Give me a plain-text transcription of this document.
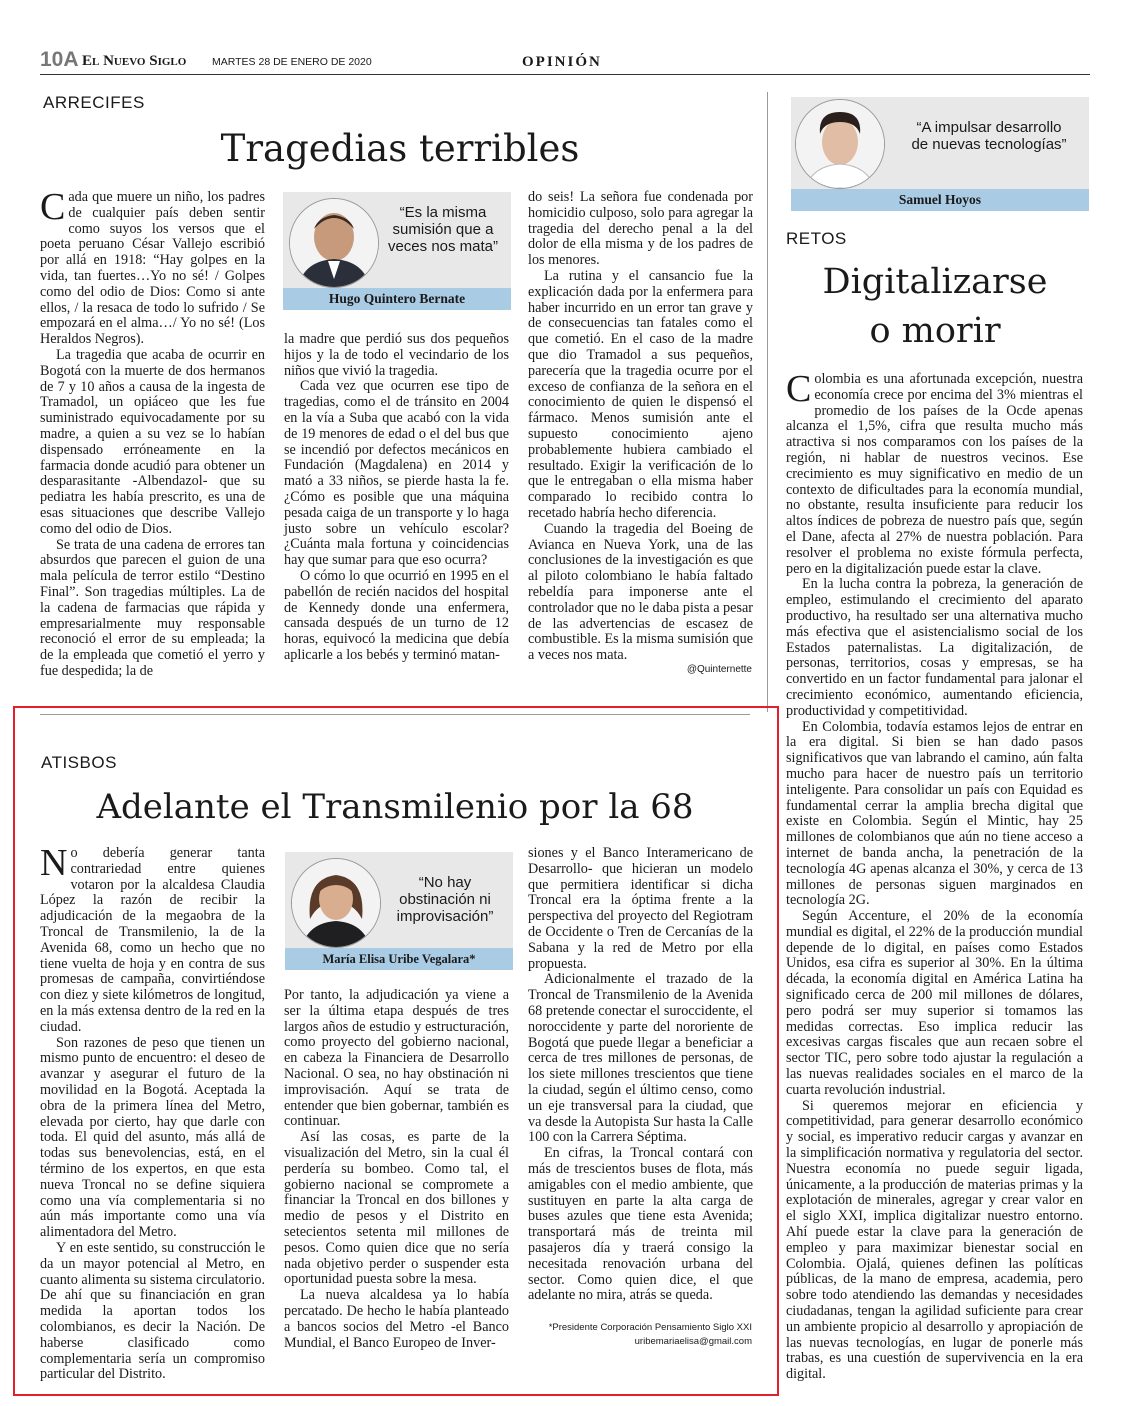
10A El Nuevo Siglo MARTES 28 DE ENERO DE 2020	OPINIÓN
ARRECIFES
Tragedias terribles

Cada que muere un niño, los padres de cualquier país deben sentir como suyos los versos que el poeta peruano César Vallejo escribió por allá en 1918: “Hay golpes en la vida, tan fuertes…Yo no sé! / Golpes como del odio de Dios: Como si ante ellos, / la resaca de todo lo sufrido / Se empozará en el alma…/ Yo no sé! (Los Heraldos Negros).

La tragedia que acaba de ocurrir en Bogotá con la muerte de dos hermanos de 7 y 10 años a causa de la ingesta de Tramadol, un opiáceo que les fue suministrado equivocadamente por su madre, a quien a su vez se lo habían dispensado erróneamente en la farmacia donde acudió para obtener un desparasitante -Albendazol- que su pediatra les había prescrito, es una de esas situaciones que describe Vallejo como del odio de Dios.

Se trata de una cadena de errores tan absurdos que parecen el guion de una mala película de terror estilo “Destino Final”. Son tragedias múltiples. La de la cadena de farmacias que rápida y empresarialmente muy responsable reconoció el error de su empleada; la de la empleada que cometió el yerro y fue despedida; la de

“Es la misma sumisión que a veces nos mata”
Hugo Quintero Bernate

la madre que perdió sus dos pequeños hijos y la de todo el vecindario de los niños que vivió la tragedia.

Cada vez que ocurren ese tipo de tragedias, como el de tránsito en 2004 en la vía a Suba que acabó con la vida de 19 menores de edad o el del bus que se incendió por defectos mecánicos en Fundación (Magdalena) en 2014 y mató a 33 niños, se pierde hasta la fe. ¿Cómo es posible que una máquina pesada caiga de un transporte y lo haga justo sobre un vehículo escolar? ¿Cuánta mala fortuna y coincidencias hay que sumar para que eso ocurra?

O cómo lo que ocurrió en 1995 en el pabellón de recién nacidos del hospital de Kennedy donde una enfermera, cansada después de un turno de 12 horas, equivocó la medicina que debía aplicarle a los bebés y terminó matan-

do seis! La señora fue condenada por homicidio culposo, solo para agregar la tragedia del derecho penal a la del dolor de ella misma y de los padres de los menores.

La rutina y el cansancio fue la explicación dada por la enfermera para haber incurrido en un error tan grave y de consecuencias tan fatales como el que cometió. En el caso de la madre que dio Tramadol a sus pequeños, parecería que la tragedia ocurre por el exceso de confianza de la señora en el conocimiento de quien le dispensó el fármaco. Menos sumisión ante el supuesto conocimiento ajeno probablemente hubiera cambiado el resultado. Exigir la verificación de lo que le entregaban o ella misma haber comparado lo recibido contra lo recetado habría hecho diferencia.

Cuando la tragedia del Boeing de Avianca en Nueva York, una de las conclusiones de la investigación es que al piloto colombiano le había faltado rebeldía para imponerse ante el controlador que no le daba pista a pesar de las advertencias de escasez de combustible. Es la misma sumisión que a veces nos mata.

@Quinternette
ATISBOS
Adelante el Transmilenio por la 68

No debería generar tanta contrariedad entre quienes votaron por la alcaldesa Claudia López la razón de recibir la adjudicación de la megaobra de la Troncal de Transmilenio, la de la Avenida 68, como un hecho que no tiene vuelta de hoja y en contra de sus promesas de campaña, convirtiéndose con diez y siete kilómetros de longitud, en la más extensa dentro de la red en la ciudad.

Son razones de peso que tienen un mismo punto de encuentro: el deseo de avanzar y asegurar el futuro de la movilidad en la Bogotá. Aceptada la obra de la primera línea del Metro, elevada por cierto, hay que darle con toda. El quid del asunto, más allá de todas sus benevolencias, está, en el término de los expertos, en que esta nueva Troncal no se define siquiera como una vía complementaria si no aún más importante como una vía alimentadora del Metro.

Y en este sentido, su construcción le da un mayor potencial al Metro, en cuanto alimenta su sistema circulatorio. De ahí que su financiación en gran medida la aportan todos los colombianos, es decir la Nación. De haberse clasificado como complementaria sería un compromiso particular del Distrito.

“No hay obstinación ni improvisación”
María Elisa Uribe Vegalara*

Por tanto, la adjudicación ya viene a ser la última etapa después de tres largos años de estudio y estructuración, como proyecto del gobierno nacional, en cabeza la Financiera de Desarrollo Nacional. O sea, no hay obstinación ni improvisación. Aquí se trata de entender que bien gobernar, también es continuar.

Así las cosas, es parte de la visualización del Metro, sin la cual él perdería su bombeo. Como tal, el gobierno nacional se compromete a financiar la Troncal en dos billones y medio de pesos y el Distrito en setecientos setenta mil millones de pesos. Como quien dice que no sería nada objetivo perder o suspender esta oportunidad puesta sobre la mesa.

La nueva alcaldesa ya lo había percatado. De hecho le había planteado a bancos socios del Metro -el Banco Mundial, el Banco Europeo de Inver-

siones y el Banco Interamericano de Desarrollo- que hicieran un modelo que permitiera identificar si dicha Troncal era la óptima frente a la perspectiva del proyecto del Regiotram de Occidente o Tren de Cercanías de la Sabana y la red de Metro por ella propuesta.

Adicionalmente el trazado de la Troncal de Transmilenio de la Avenida 68 pretende conectar el suroccidente, el noroccidente y parte del nororiente de Bogotá que puede llegar a beneficiar a cerca de tres millones de personas, de los siete millones trescientos que tiene la ciudad, según el último censo, como un eje transversal para la ciudad, que va desde la Autopista Sur hasta la Calle 100 con la Carrera Séptima.

En cifras, la Troncal contará con más de trescientos buses de flota, más amigables con el medio ambiente, que sustituyen en parte la alta carga de buses azules que tiene esta Avenida; transportará más de treinta mil pasajeros día y traerá consigo la necesitada renovación urbana del sector. Como quien dice, el que adelante no mira, atrás se queda.

*Presidente Corporación Pensamiento Siglo XXI
uribemariaelisa@gmail.com
“A impulsar desarrollo de nuevas tecnologías”
Samuel Hoyos
RETOS
Digitalizarse
o morir

Colombia es una afortunada excepción, nuestra economía crece por encima del 3% mientras el promedio de los países de la Ocde apenas alcanza el 1,5%, cifra que resulta mucho más atractiva si nos comparamos con los países de la región, ni hablar de nuestros vecinos. Ese crecimiento es muy significativo en medio de un contexto de dificultades para la economía mundial, no obstante, resulta insuficiente para reducir los altos índices de pobreza de nuestro país que, según el Dane, afecta al 27% de nuestra población. Para resolver el problema no existe fórmula perfecta, pero en la digitalización puede estar la clave.

En la lucha contra la pobreza, la generación de empleo, estimulando el crecimiento del aparato productivo, ha resultado ser una alternativa mucho más efectiva que el asistencialismo social de los Estados paternalistas. La digitalización, de personas, territorios, cosas y empresas, se ha convertido en un factor fundamental para jalonar el crecimiento económico, aumentando eficiencia, productividad y competitividad.

En Colombia, todavía estamos lejos de entrar en la era digital. Si bien se han dado pasos significativos que van labrando el camino, aún falta mucho para hacer de nuestro país un territorio inteligente. Para consolidar un país con Equidad es fundamental cerrar la amplia brecha digital que existe en Colombia. Según el Mintic, hay 25 millones de colombianos que aún no tiene acceso a internet de banda ancha, la penetración de la tecnología 4G apenas alcanza el 30%, y cerca de 13 millones de personas siguen marginados en tecnología 2G.

Según Accenture, el 20% de la economía mundial es digital, el 22% de la producción mundial depende de lo digital, en países como Estados Unidos, esa cifra es superior al 30%. En la última década, la economía digital en América Latina ha significado cerca de 200 mil millones de dólares, pero podrá ser muy superior si tomamos las medidas correctas. Eso implica reducir las excesivas cargas fiscales que aun recaen sobre el sector TIC, pero sobre todo ajustar la regulación a las nuevas realidades sociales en el marco de la cuarta revolución industrial.

Si queremos mejorar en eficiencia y competitividad, para generar desarrollo económico y social, es imperativo reducir cargas y avanzar en la simplificación normativa y regulatoria del sector. Nuestra economía no puede seguir ligada, únicamente, a la producción de materias primas y la explotación de minerales, agregar y crear valor en el siglo XXI, implica digitalizar nuestro entorno. Ahí puede estar la clave para la generación de empleo y para maximizar bienestar social en Colombia. Ojalá, quienes definen las políticas públicas, de la mano de empresa, academia, pero sobre todo atendiendo las demandas y necesidades ciudadanas, tengan la agilidad suficiente para crear un ambiente propicio al desarrollo y apropiación de las nuevas tecnologías, en lugar de ponerle más trabas, es una cuestión de supervivencia en la era digital.
